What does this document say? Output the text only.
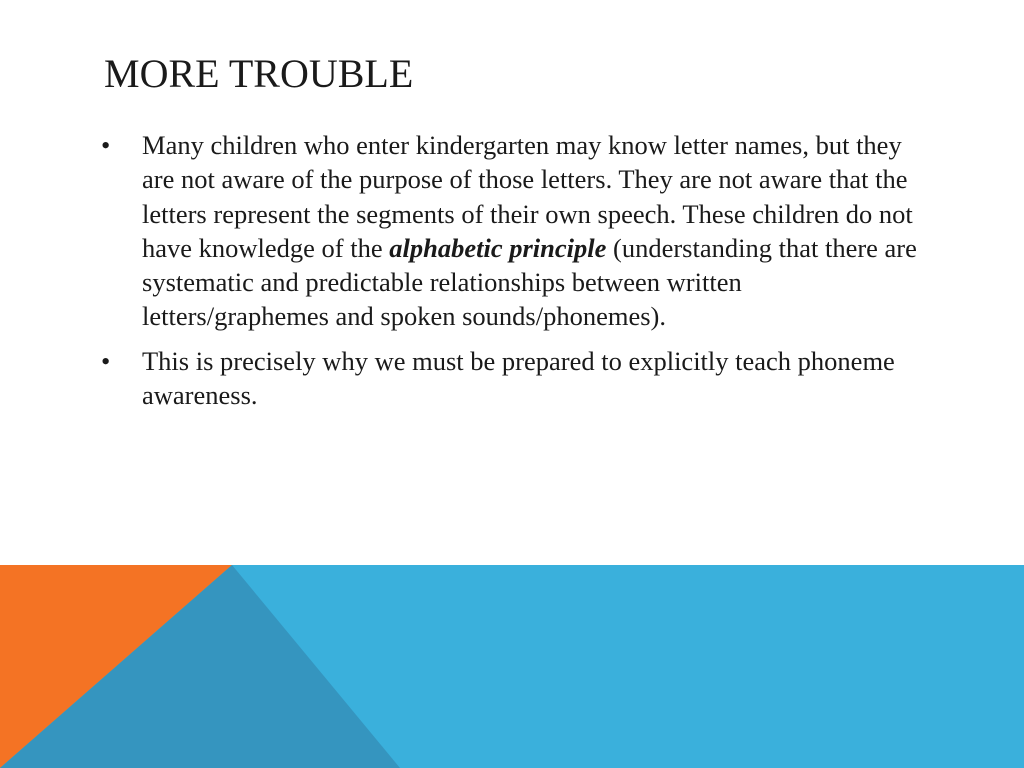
MORE TROUBLE
•	Many children who enter kindergarten may know letter names, but they are not aware of the purpose of those letters. They are not aware that the letters represent the segments of their own speech. These children do not have knowledge of the alphabetic principle (understanding that there are systematic and predictable relationships between written letters/graphemes and spoken sounds/phonemes).
•	This is precisely why we must be prepared to explicitly teach phoneme awareness.
